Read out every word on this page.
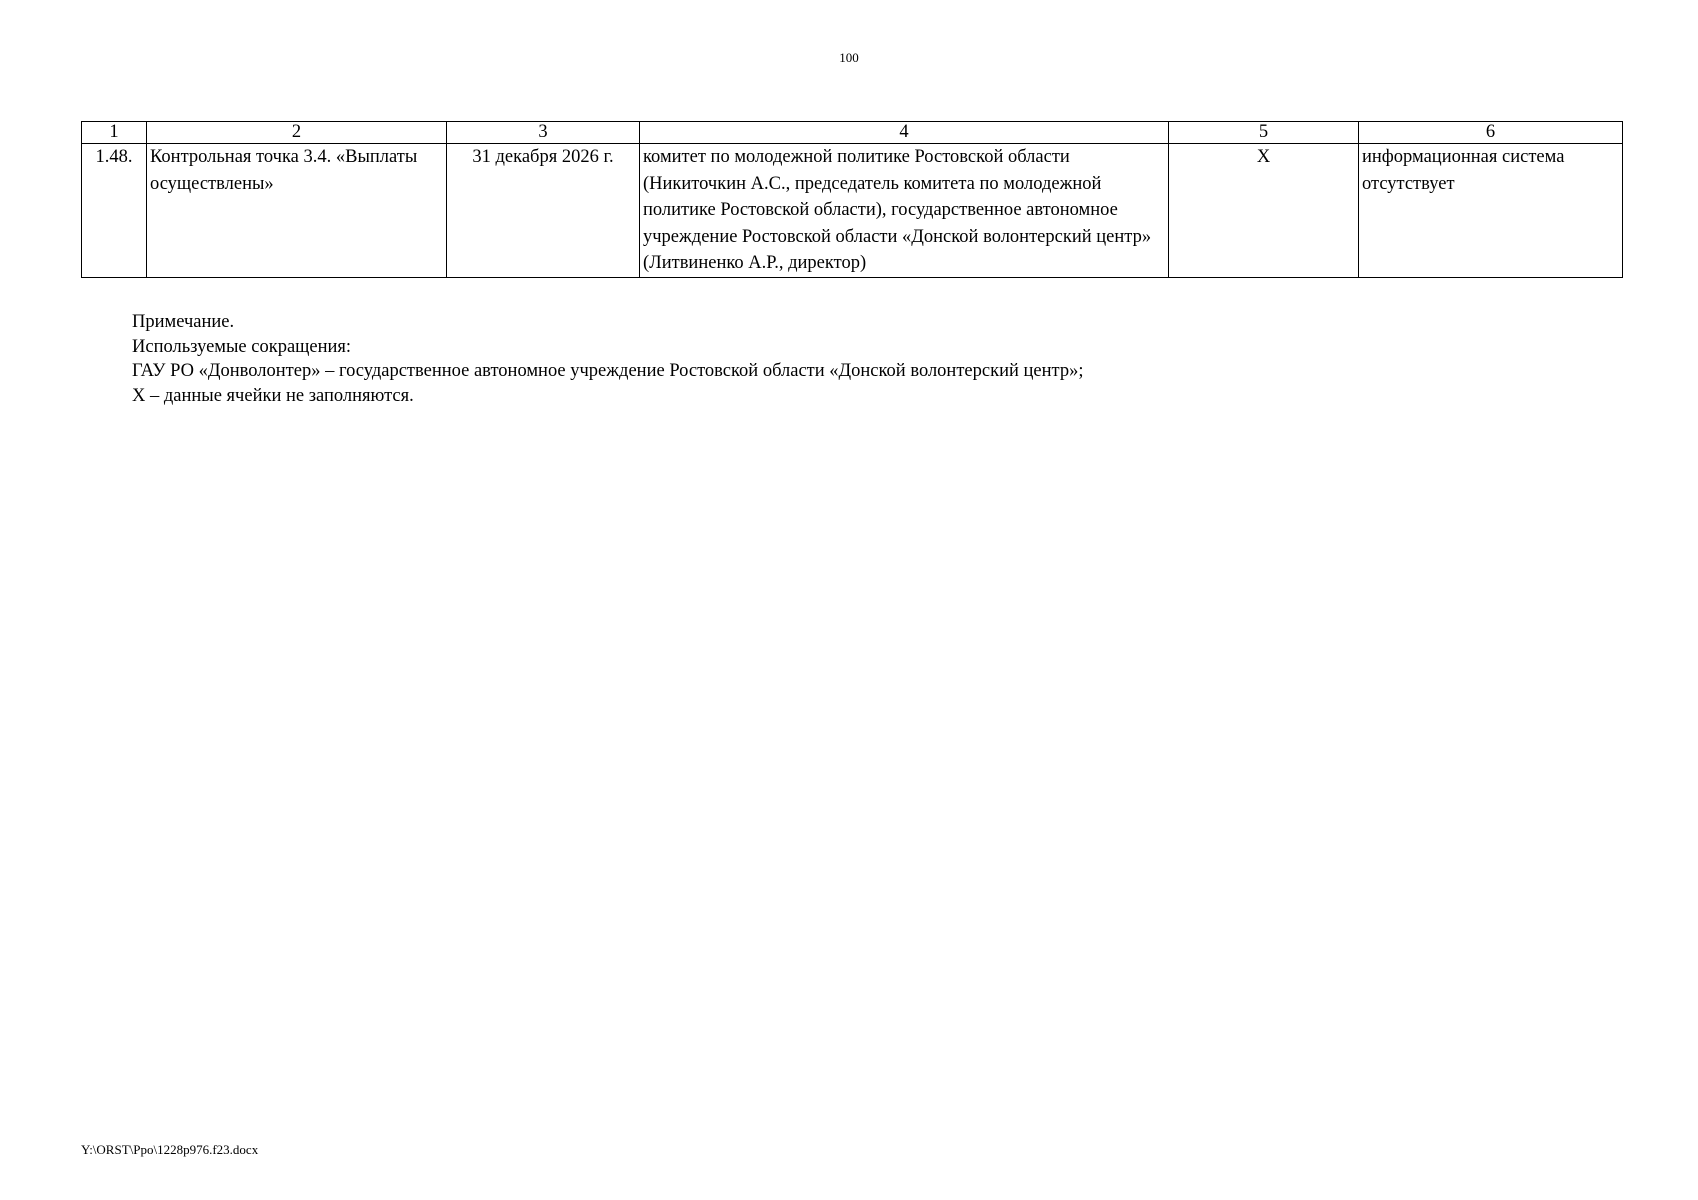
100
1	2	3	4	5	6
1.48.	Контрольная точка 3.4. «Выплаты осуществлены»	31 декабря 2026 г.	комитет по молодежной политике Ростовской области (Никиточкин А.С., председатель комитета по молодежной политике Ростовской области), государственное автономное учреждение Ростовской области «Донской волонтерский центр» (Литвиненко А.Р., директор)	X	информационная система отсутствует

Примечание.

Используемые сокращения:

ГАУ РО «Донволонтер» – государственное автономное учреждение Ростовской области «Донской волонтерский центр»;

X – данные ячейки не заполняются.

Y:\ORST\Ppo\1228p976.f23.docx
